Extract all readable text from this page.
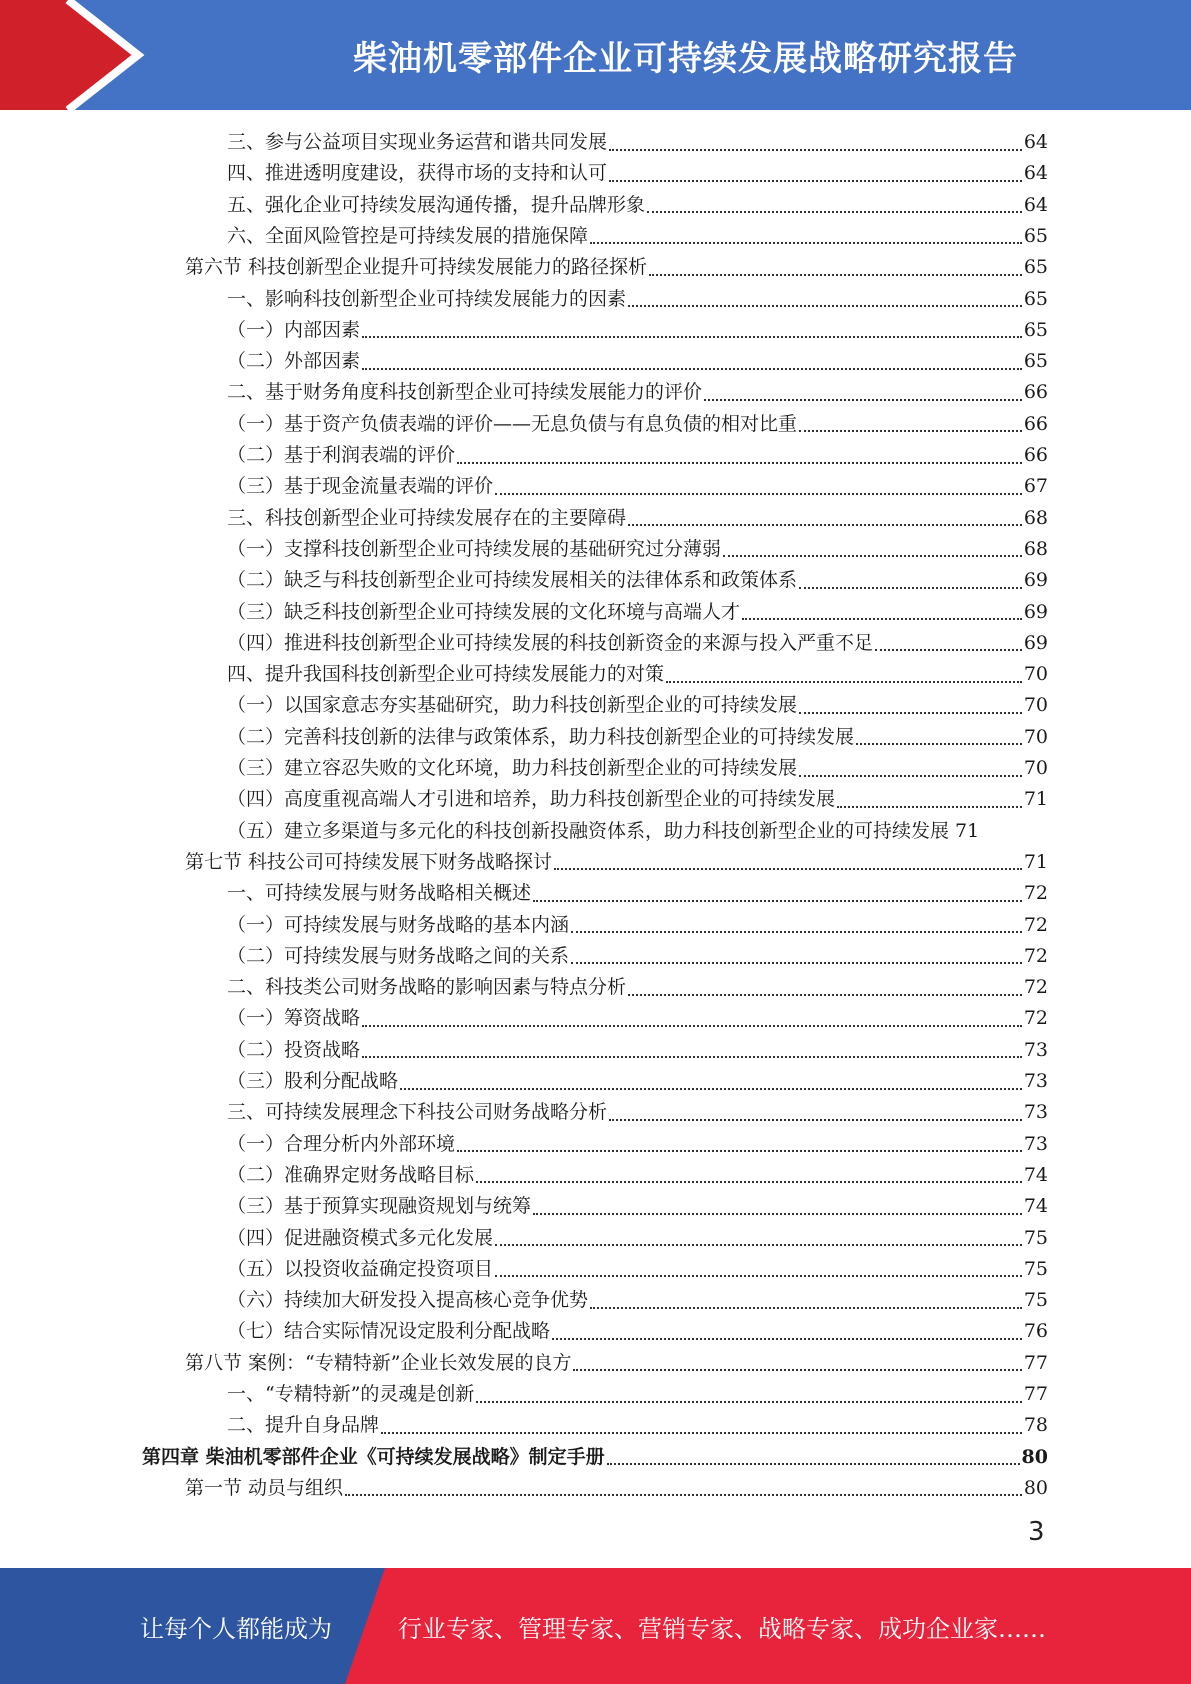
柴油机零部件企业可持续发展战略研究报告
三、参与公益项目实现业务运营和谐共同发展	64
四、推进透明度建设，获得市场的支持和认可	64
五、强化企业可持续发展沟通传播，提升品牌形象	64
六、全面风险管控是可持续发展的措施保障	65
第六节 科技创新型企业提升可持续发展能力的路径探析	65
一、影响科技创新型企业可持续发展能力的因素	65
（一）内部因素	65
（二）外部因素	65
二、基于财务角度科技创新型企业可持续发展能力的评价	66
（一）基于资产负债表端的评价——无息负债与有息负债的相对比重	66
（二）基于利润表端的评价	66
（三）基于现金流量表端的评价	67
三、科技创新型企业可持续发展存在的主要障碍	68
（一）支撑科技创新型企业可持续发展的基础研究过分薄弱	68
（二）缺乏与科技创新型企业可持续发展相关的法律体系和政策体系	69
（三）缺乏科技创新型企业可持续发展的文化环境与高端人才	69
（四）推进科技创新型企业可持续发展的科技创新资金的来源与投入严重不足	69
四、提升我国科技创新型企业可持续发展能力的对策	70
（一）以国家意志夯实基础研究，助力科技创新型企业的可持续发展	70
（二）完善科技创新的法律与政策体系，助力科技创新型企业的可持续发展	70
（三）建立容忍失败的文化环境，助力科技创新型企业的可持续发展	70
（四）高度重视高端人才引进和培养，助力科技创新型企业的可持续发展	71
（五）建立多渠道与多元化的科技创新投融资体系，助力科技创新型企业的可持续发展 71
第七节 科技公司可持续发展下财务战略探讨	71
一、可持续发展与财务战略相关概述	72
（一）可持续发展与财务战略的基本内涵	72
（二）可持续发展与财务战略之间的关系	72
二、科技类公司财务战略的影响因素与特点分析	72
（一）筹资战略	72
（二）投资战略	73
（三）股利分配战略	73
三、可持续发展理念下科技公司财务战略分析	73
（一）合理分析内外部环境	73
（二）准确界定财务战略目标	74
（三）基于预算实现融资规划与统筹	74
（四）促进融资模式多元化发展	75
（五）以投资收益确定投资项目	75
（六）持续加大研发投入提高核心竞争优势	75
（七）结合实际情况设定股利分配战略	76
第八节 案例：“专精特新”企业长效发展的良方	77
一、“专精特新”的灵魂是创新	77
二、提升自身品牌	78
第四章 柴油机零部件企业《可持续发展战略》制定手册	80
第一节 动员与组织	80
3
让每个人都能成为	行业专家、管理专家、营销专家、战略专家、成功企业家……
